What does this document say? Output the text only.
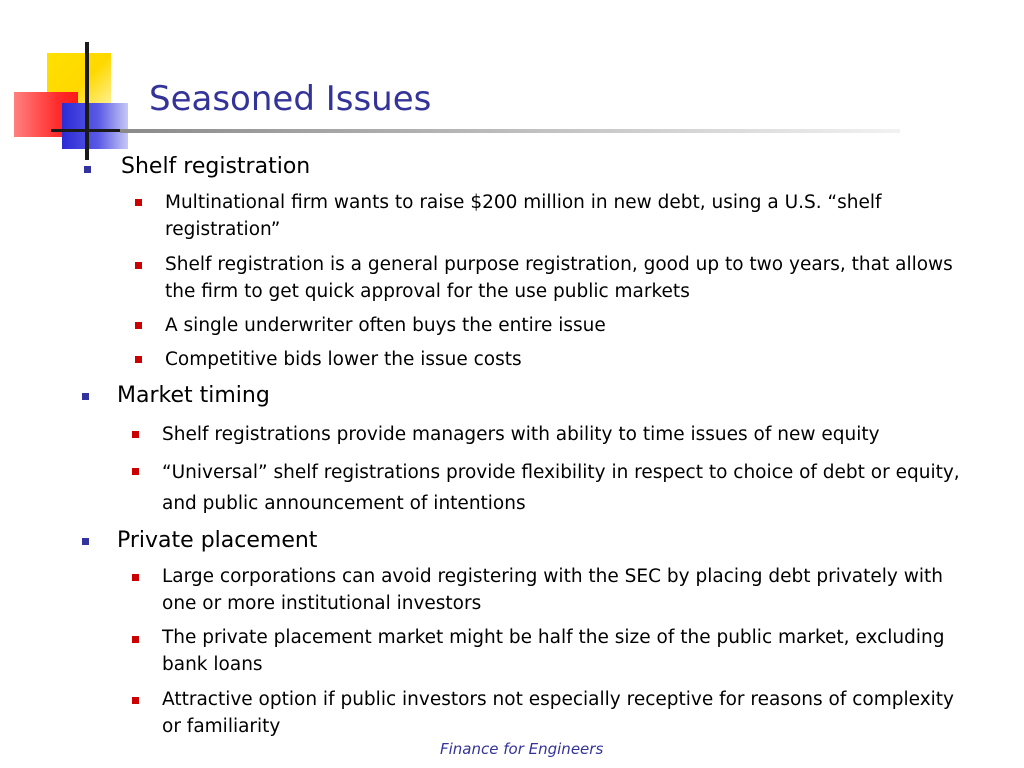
Seasoned Issues
Shelf registration
Multinational firm wants to raise $200 million in new debt, using a U.S. “shelf registration”
Shelf registration is a general purpose registration, good up to two years, that allows the firm to get quick approval for the use public markets
A single underwriter often buys the entire issue
Competitive bids lower the issue costs
Market timing
Shelf registrations provide managers with ability to time issues of new equity
“Universal” shelf registrations provide flexibility in respect to choice of debt or equity, and public announcement of intentions
Private placement
Large corporations can avoid registering with the SEC by placing debt privately with one or more institutional investors
The private placement market might be half the size of the public market, excluding bank loans
Attractive option if public investors not especially receptive for reasons of complexity or familiarity
Finance for Engineers
